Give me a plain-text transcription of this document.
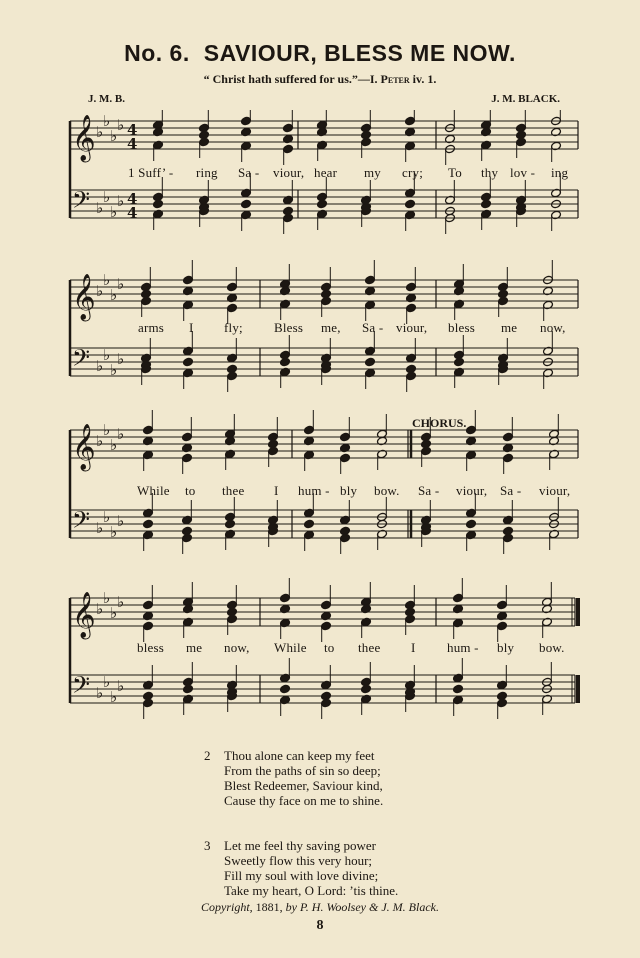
No. 6. SAVIOUR, BLESS ME NOW.
“ Christ hath suffered for us.”—I. Peter iv. 1.
J. M. B.	J. M. BLACK.
𝄞 ♭
♭
♭
♭
𝄢 ♭
♭
♭
♭
4
4
4
4
𝄞 ♭
♭
♭
♭
𝄢 ♭
♭
♭
♭
𝄞 ♭
♭
♭
♭
𝄢 ♭
♭
♭
♭
𝄞 ♭
♭
♭
♭
𝄢 ♭
♭
♭
♭
CHORUS.
1 Suff’ - ring Sa - viour, hear my cry; To thy lov - ing
arms I fly; Bless me, Sa - viour, bless me now,
While to thee I hum - bly bow. Sa - viour, Sa - viour,
bless me now, While to thee I hum - bly bow.
2 Thou alone can keep my feet
From the paths of sin so deep;
Blest Redeemer, Saviour kind,
Cause thy face on me to shine.
3 Let me feel thy saving power
Sweetly flow this very hour;
Fill my soul with love divine;
Take my heart, O Lord: ’tis thine.
Copyright, 1881, by P. H. Woolsey & J. M. Black.
8
